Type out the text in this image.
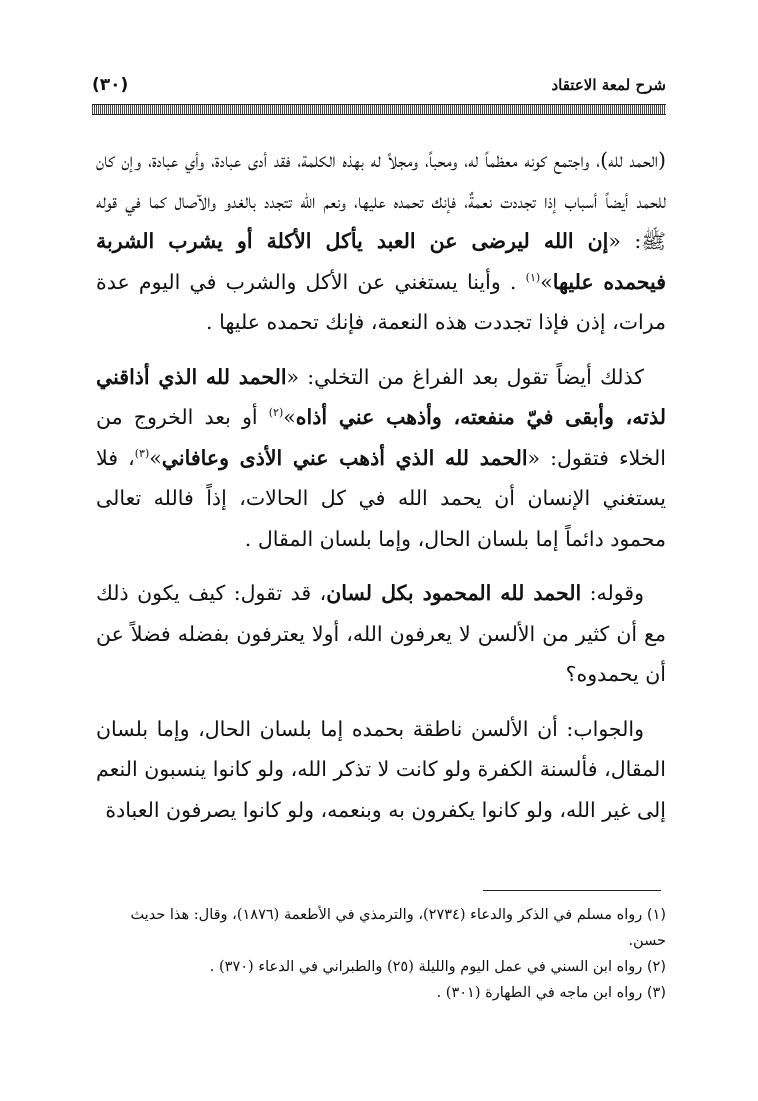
(٣٠)	شرح لمعة الاعتقاد

(الحمد لله)، واجتمع كونه معظماً له، ومحباً، ومجلاً له بهذه الكلمة، فقد أدى عبادة، وأي عبادة، وإن كان للحمد أيضاً أسباب إذا تجددت نعمةٌ، فإنك تحمده عليها، ونعم الله تتجدد بالغدو والآصال كما في قوله ﷺ: «إن الله ليرضى عن العبد يأكل الأكلة أو يشرب الشربة فيحمده عليها»$^{(١)}$ . وأينا يستغني عن الأكل والشرب في اليوم عدة مرات، إذن فإذا تجددت هذه النعمة، فإنك تحمده عليها .

كذلك أيضاً تقول بعد الفراغ من التخلي: «الحمد لله الذي أذاقني لذته، وأبقى فيّ منفعته، وأذهب عني أذاه»$^{(٢)}$ أو بعد الخروج من الخلاء فتقول: «الحمد لله الذي أذهب عني الأذى وعافاني»$^{(٣)}$، فلا يستغني الإنسان أن يحمد الله في كل الحالات، إذاً فالله تعالى محمود دائماً إما بلسان الحال، وإما بلسان المقال .

وقوله: الحمد لله المحمود بكل لسان، قد تقول: كيف يكون ذلك مع أن كثير من الألسن لا يعرفون الله، أولا يعترفون بفضله فضلاً عن أن يحمدوه؟

والجواب: أن الألسن ناطقة بحمده إما بلسان الحال، وإما بلسان المقال، فألسنة الكفرة ولو كانت لا تذكر الله، ولو كانوا ينسبون النعم إلى غير الله، ولو كانوا يكفرون به وبنعمه، ولو كانوا يصرفون العبادة

(١) رواه مسلم في الذكر والدعاء (٢٧٣٤)، والترمذي في الأطعمة (١٨٧٦)، وقال: هذا حديث حسن.

(٢) رواه ابن السني في عمل اليوم والليلة (٢٥) والطبراني في الدعاء (٣٧٠) .

(٣) رواه ابن ماجه في الطهارة (٣٠١) .
